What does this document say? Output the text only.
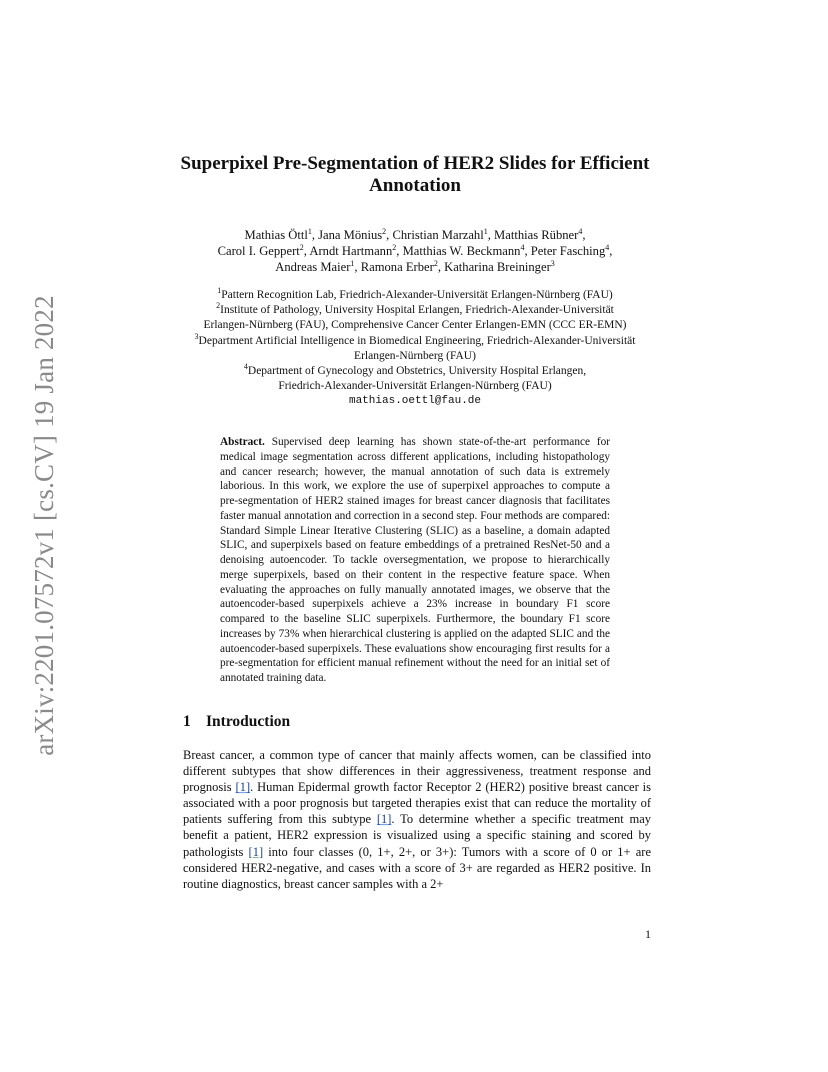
arXiv:2201.07572v1 [cs.CV] 19 Jan 2022
Superpixel Pre-Segmentation of HER2 Slides for Efficient
Annotation
Mathias Öttl$^1$, Jana Mönius$^2$, Christian Marzahl$^1$, Matthias Rübner$^4$,
Carol I. Geppert$^2$, Arndt Hartmann$^2$, Matthias W. Beckmann$^4$, Peter Fasching$^4$,
Andreas Maier$^1$, Ramona Erber$^2$, Katharina Breininger$^3$
$^1$Pattern Recognition Lab, Friedrich-Alexander-Universität Erlangen-Nürnberg (FAU)
$^2$Institute of Pathology, University Hospital Erlangen, Friedrich-Alexander-Universität
Erlangen-Nürnberg (FAU), Comprehensive Cancer Center Erlangen-EMN (CCC ER-EMN)
$^3$Department Artificial Intelligence in Biomedical Engineering, Friedrich-Alexander-Universität
Erlangen-Nürnberg (FAU)
$^4$Department of Gynecology and Obstetrics, University Hospital Erlangen,
Friedrich-Alexander-Universität Erlangen-Nürnberg (FAU)
mathias.oettl@fau.de
Abstract. Supervised deep learning has shown state-of-the-art performance for medical image segmentation across different applications, including histopathology and cancer research; however, the manual annotation of such data is extremely laborious. In this work, we explore the use of superpixel approaches to compute a pre-segmentation of HER2 stained images for breast cancer diagnosis that facilitates faster manual annotation and correction in a second step. Four methods are compared: Standard Simple Linear Iterative Clustering (SLIC) as a baseline, a domain adapted SLIC, and superpixels based on feature embeddings of a pretrained ResNet-50 and a denoising autoencoder. To tackle oversegmentation, we propose to hierarchically merge superpixels, based on their content in the respective feature space. When evaluating the approaches on fully manually annotated images, we observe that the autoencoder-based superpixels achieve a 23% increase in boundary F1 score compared to the baseline SLIC superpixels. Furthermore, the boundary F1 score increases by 73% when hierarchical clustering is applied on the adapted SLIC and the autoencoder-based superpixels. These evaluations show encouraging first results for a pre-segmentation for efficient manual refinement without the need for an initial set of annotated training data.
1 Introduction
Breast cancer, a common type of cancer that mainly affects women, can be classified into different subtypes that show differences in their aggressiveness, treatment response and prognosis [1]. Human Epidermal growth factor Receptor 2 (HER2) positive breast cancer is associated with a poor prognosis but targeted therapies exist that can reduce the mortality of patients suffering from this subtype [1]. To determine whether a specific treatment may benefit a patient, HER2 expression is visualized using a specific staining and scored by pathologists [1] into four classes (0, 1+, 2+, or 3+): Tumors with a score of 0 or 1+ are considered HER2-negative, and cases with a score of 3+ are regarded as HER2 positive. In routine diagnostics, breast cancer samples with a 2+
1
